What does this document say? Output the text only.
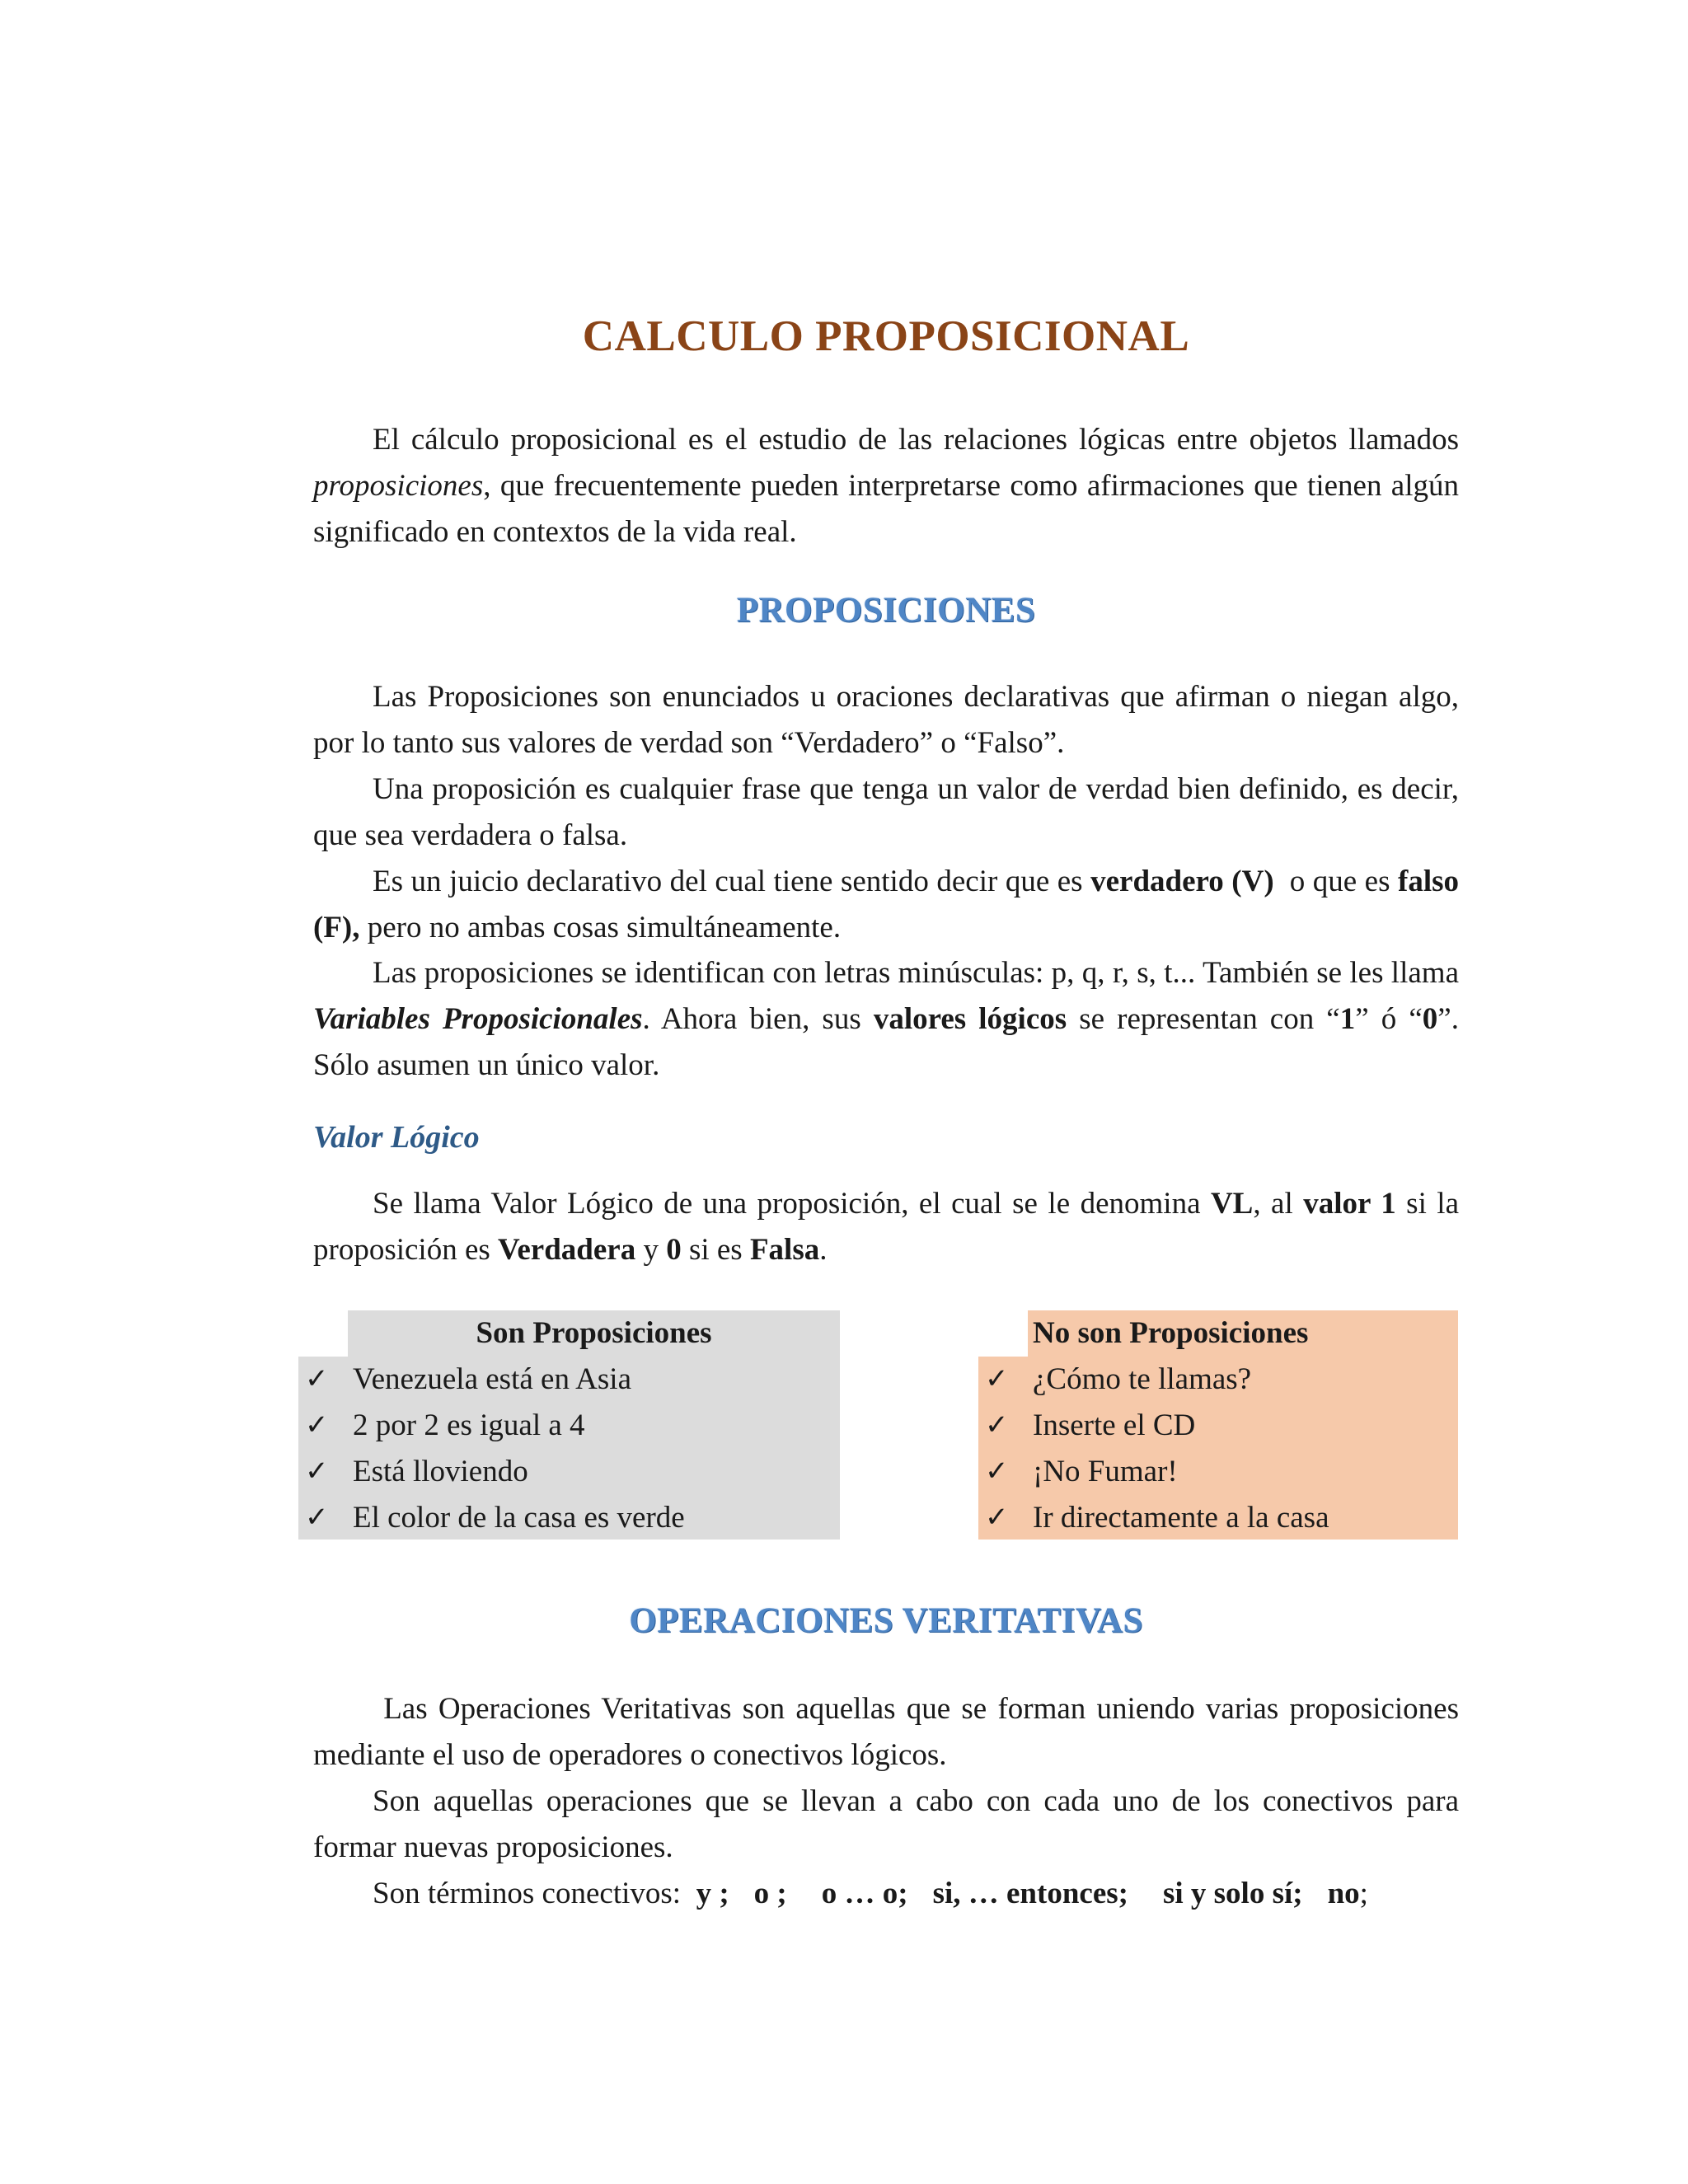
CALCULO PROPOSICIONAL

El cálculo proposicional es el estudio de las relaciones lógicas entre objetos llamados proposiciones, que frecuentemente pueden interpretarse como afirmaciones que tienen algún significado en contextos de la vida real.

PROPOSICIONES

Las Proposiciones son enunciados u oraciones declarativas que afirman o niegan algo, por lo tanto sus valores de verdad son “Verdadero” o “Falso”.

Una proposición es cualquier frase que tenga un valor de verdad bien definido, es decir, que sea verdadera o falsa.

Es un juicio declarativo del cual tiene sentido decir que es verdadero (V)  o que es falso (F), pero no ambas cosas simultáneamente.

Las proposiciones se identifican con letras minúsculas: p, q, r, s, t... También se les llama Variables Proposicionales. Ahora bien, sus valores lógicos se representan con “1” ó “0”. Sólo asumen un único valor.

Valor Lógico

Se llama Valor Lógico de una proposición, el cual se le denomina VL, al valor 1 si la proposición es Verdadera y 0 si es Falsa.

OPERACIONES VERITATIVAS

Las Operaciones Veritativas son aquellas que se forman uniendo varias proposiciones mediante el uso de operadores o conectivos lógicos.

Son aquellas operaciones que se llevan a cabo con cada uno de los conectivos para formar nuevas proposiciones.

Son términos conectivos:  y ; o ; o … o; si, … entonces; si y solo sí; no;

Son Proposiciones
✓ Venezuela está en Asia
✓ 2 por 2 es igual a 4
✓ Está lloviendo
✓ El color de la casa es verde
No son Proposiciones
✓ ¿Cómo te llamas?
✓ Inserte el CD
✓ ¡No Fumar!
✓ Ir directamente a la casa
